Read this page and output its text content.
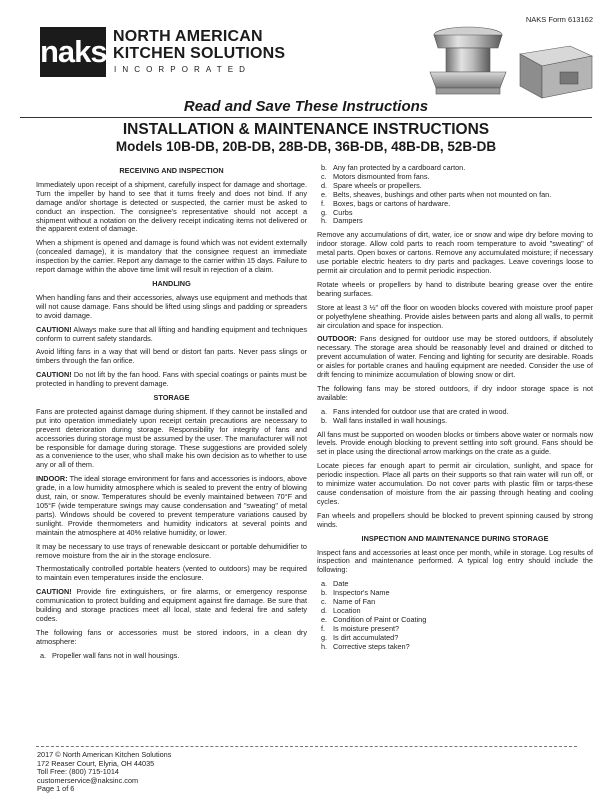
NAKS Form 613162
naks NORTH AMERICAN
KITCHEN SOLUTIONS
INCORPORATED
Read and Save These Instructions
INSTALLATION & MAINTENANCE INSTRUCTIONS
Models 10B-DB, 20B-DB, 28B-DB, 36B-DB, 48B-DB, 52B-DB
RECEIVING AND INSPECTION

Immediately upon receipt of a shipment, carefully inspect for damage and shortage. Turn the impeller by hand to see that it turns freely and does not bind. If any damage and/or shortage is detected or suspected, the carrier must be asked to conduct an inspection. The consignee's representative should not accept a shipment without a notation on the delivery receipt indicating items not delivered or the apparent extent of damage.

When a shipment is opened and damage is found which was not evident externally (concealed damage), it is mandatory that the consignee request an immediate inspection by the carrier. Report any damage to the carrier within 15 days. Failure to report damage within the above time limit will result in rejection of a claim.

HANDLING

When handling fans and their accessories, always use equipment and methods that will not cause damage. Fans should be lifted using slings and padding or spreaders to avoid damage.

CAUTION! Always make sure that all lifting and handling equipment and techniques conform to current safety standards.

Avoid lifting fans in a way that will bend or distort fan parts. Never pass slings or timbers through the fan orifice.

CAUTION! Do not lift by the fan hood. Fans with special coatings or paints must be protected in handling to prevent damage.

STORAGE

Fans are protected against damage during shipment. If they cannot be installed and put into operation immediately upon receipt certain precautions are necessary to prevent deterioration during storage. Responsibility for integrity of fans and accessories during storage must be assumed by the user. The manufacturer will not be responsible for damage during storage. These suggestions are provided solely as a convenience to the user, who shall make his own decision as to whether to use any or all of them.

INDOOR: The ideal storage environment for fans and accessories is indoors, above grade, in a low humidity atmosphere which is sealed to prevent the entry of blowing dust, rain, or snow. Temperatures should be evenly maintained between 70°F and 105°F (wide temperature swings may cause condensation and "sweating" of metal parts). Windows should be covered to prevent temperature variations caused by sunlight. Provide thermometers and humidity indicators at several points and maintain the atmosphere at 40% relative humidity, or lower.

It may be necessary to use trays of renewable desiccant or portable dehumidifier to remove moisture from the air in the storage enclosure.

Thermostatically controlled portable heaters (vented to outdoors) may be required to maintain even temperatures inside the enclosure.

CAUTION! Provide fire extinguishers, or fire alarms, or emergency response communication to protect building and equipment against fire damage. Be sure that building and storage practices meet all local, state and federal fire and safety codes.

The following fans or accessories must be stored indoors, in a clean dry atmosphere:

a. Propeller wall fans not in wall housings.
b. Any fan protected by a cardboard carton.
c. Motors dismounted from fans.
d. Spare wheels or propellers.
e. Belts, sheaves, bushings and other parts when not mounted on fan.
f. Boxes, bags or cartons of hardware.
g. Curbs
h. Dampers

Remove any accumulations of dirt, water, ice or snow and wipe dry before moving to indoor storage. Allow cold parts to reach room temperature to avoid "sweating" of metal parts. Open boxes or cartons. Remove any accumulated moisture; if necessary use portable electric heaters to dry parts and packages. Leave coverings loose to permit air circulation and to permit periodic inspection.

Rotate wheels or propellers by hand to distribute bearing grease over the entire bearing surfaces.

Store at least 3 ½" off the floor on wooden blocks covered with moisture proof paper or polyethylene sheathing. Provide aisles between parts and along all walls, to permit air circulation and space for inspection.

OUTDOOR: Fans designed for outdoor use may be stored outdoors, if absolutely necessary. The storage area should be reasonably level and drained or ditched to prevent accumulation of water. Fencing and lighting for security are desirable. Roads or aisles for portable cranes and hauling equipment are needed. Consider the use of drift fencing to minimize accumulation of blowing snow or dirt.

The following fans may be stored outdoors, if dry indoor storage space is not available:

a. Fans intended for outdoor use that are crated in wood.
b. Wall fans installed in wall housings.

All fans must be supported on wooden blocks or timbers above water or normals now levels. Provide enough blocking to prevent settling into soft ground. Fans should be set in place using the directional arrow markings on the crate as a guide.

Locate pieces far enough apart to permit air circulation, sunlight, and space for periodic inspection. Place all parts on their supports so that rain water will run off, or to minimize water accumulation. Do not cover parts with plastic film or tarps-these cause condensation of moisture from the air passing through heating and cooling cycles.

Fan wheels and propellers should be blocked to prevent spinning caused by strong winds.

INSPECTION AND MAINTENANCE DURING STORAGE

Inspect fans and accessories at least once per month, while in storage. Log results of inspection and maintenance performed. A typical log entry should include the following:

a. Date
b. Inspector's Name
c. Name of Fan
d. Location
e. Condition of Paint or Coating
f. Is moisture present?
g. Is dirt accumulated?
h. Corrective steps taken?
2017 © North American Kitchen Solutions
172 Reaser Court, Elyria, OH 44035
Toll Free: (800) 715-1014
customerservice@naksinc.com
Page 1 of 6
